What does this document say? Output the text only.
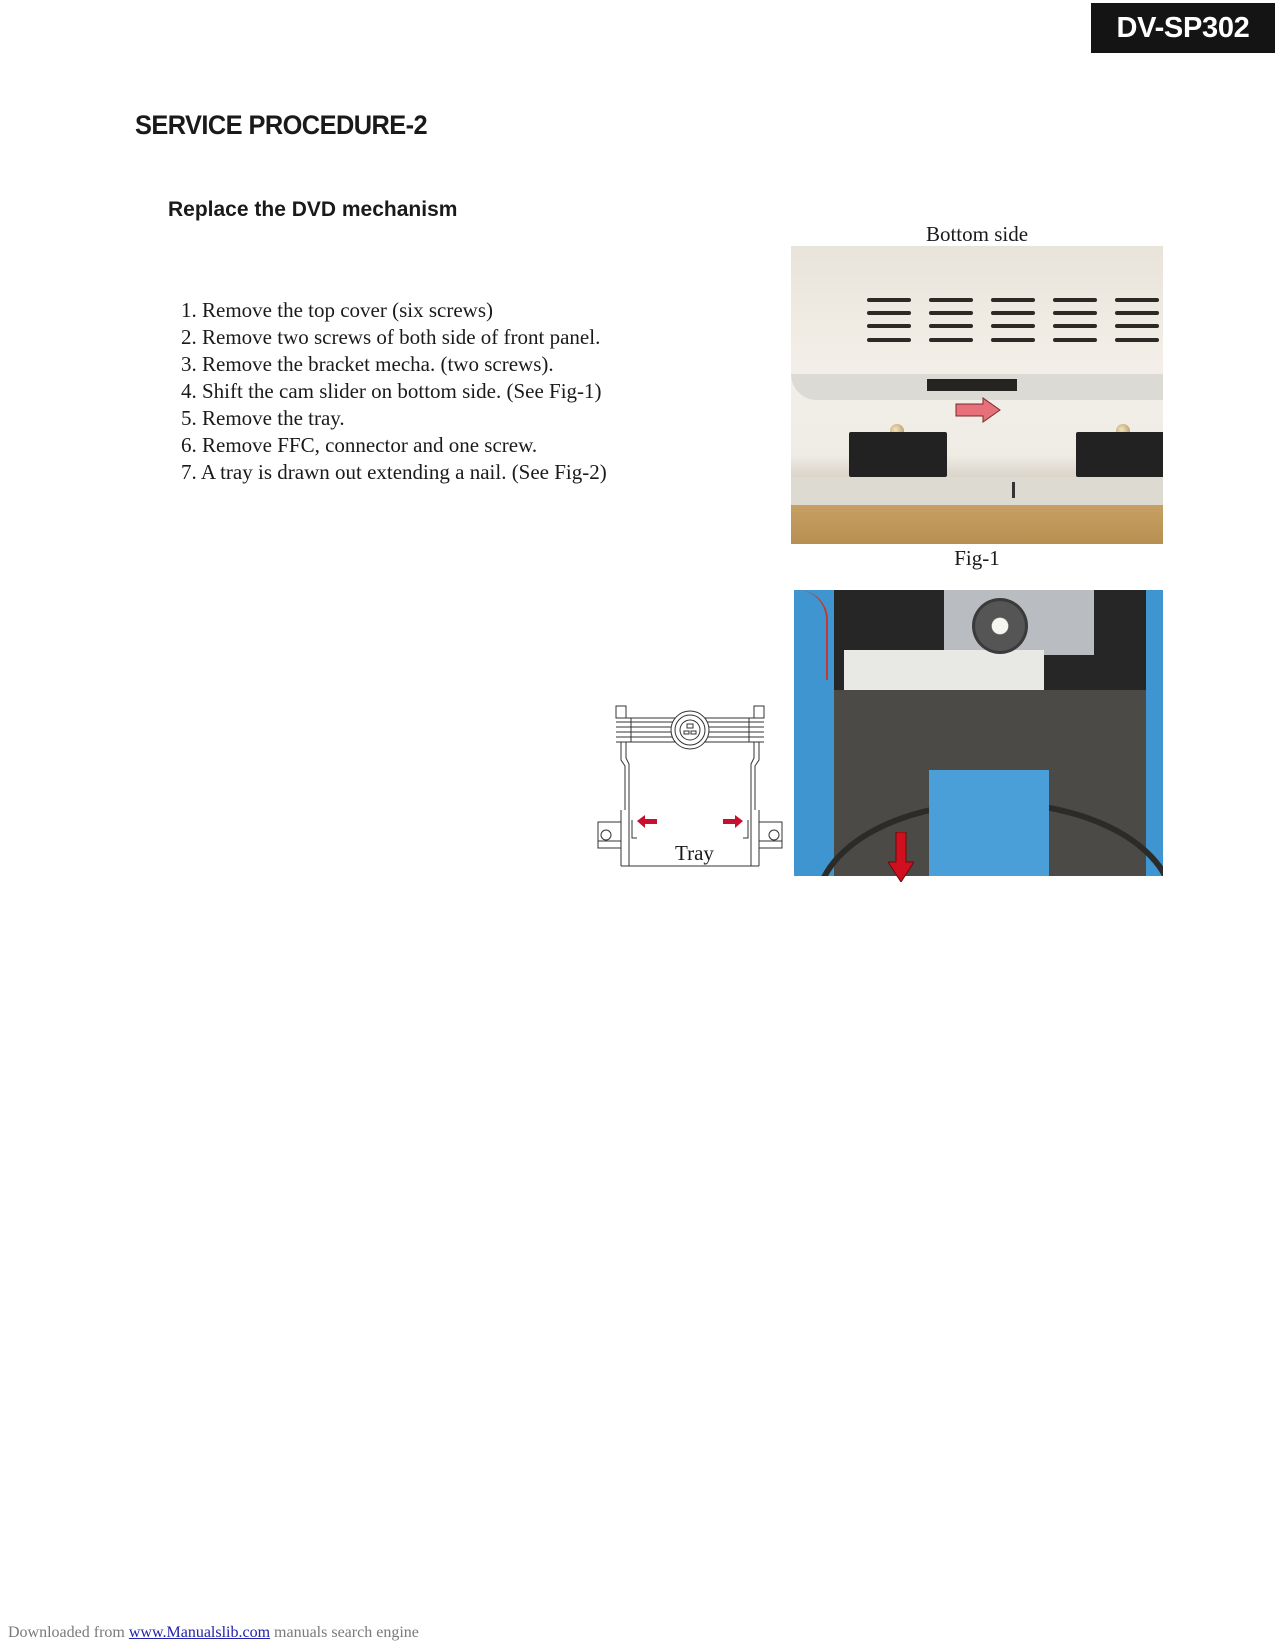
DV-SP302
SERVICE PROCEDURE-2
Replace the DVD mechanism
1. Remove the top cover (six screws)
2. Remove two screws of both side of front panel.
3. Remove the bracket mecha. (two screws).
4. Shift the cam slider on bottom side. (See Fig-1)
5. Remove the tray.
6. Remove FFC, connector and one screw.
7. A tray is drawn out extending a nail. (See Fig-2)
Bottom side
Fig-1
Tray
Downloaded from www.Manualslib.com manuals search engine
